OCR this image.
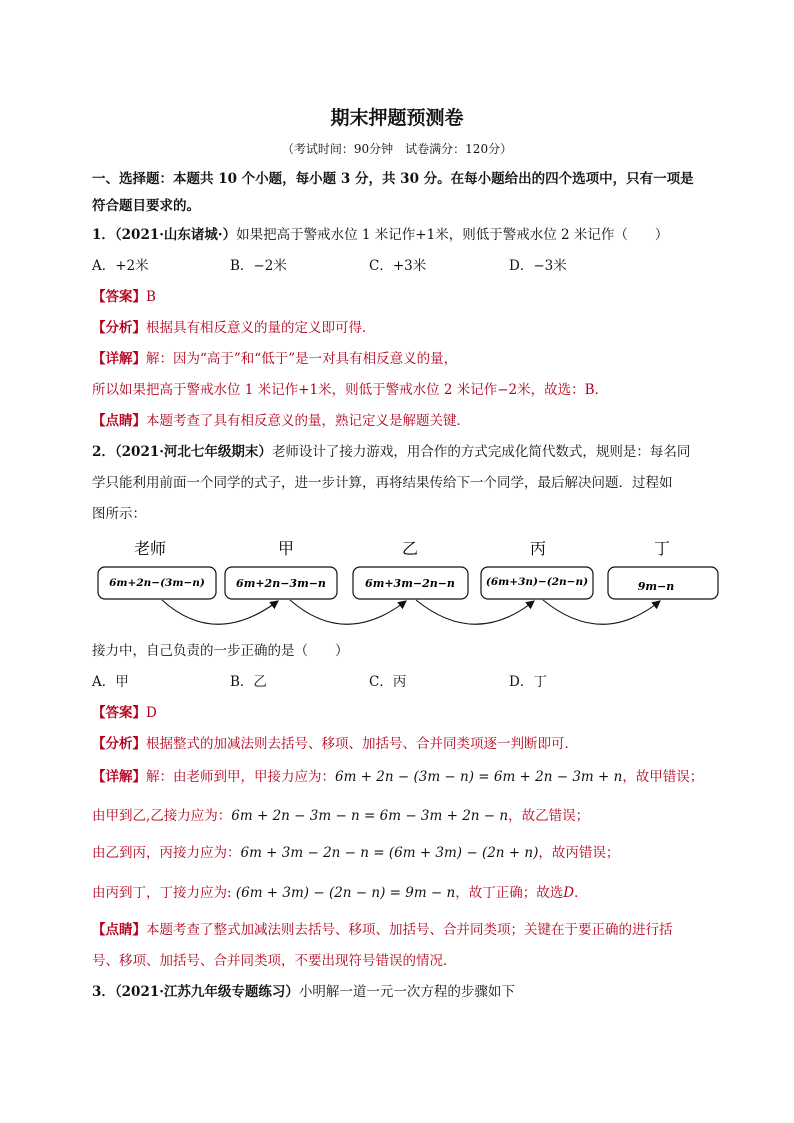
期末押题预测卷
（考试时间：90分钟　试卷满分：120分）
一、选择题：本题共 10 个小题，每小题 3 分，共 30 分。在每小题给出的四个选项中，只有一项是
符合题目要求的。
1．（2021·山东诸城·）如果把高于警戒水位 1 米记作+1米，则低于警戒水位 2 米记作（　　）
A．+2米	B．−2米	C．+3米	D．−3米
【答案】B
【分析】根据具有相反意义的量的定义即可得．
【详解】解：因为“高于”和“低于”是一对具有相反意义的量，
所以如果把高于警戒水位 1 米记作+1米，则低于警戒水位 2 米记作−2米，故选：B．
【点睛】本题考查了具有相反意义的量，熟记定义是解题关键．
2．（2021·河北七年级期末）老师设计了接力游戏，用合作的方式完成化简代数式，规则是：每名同
学只能利用前面一个同学的式子，进一步计算，再将结果传给下一个同学，最后解决问题．过程如
图所示：
老师	甲	乙	丙	丁
6m+2n−(3m−n)	6m+2n−3m−n	6m+3m−2n−n	(6m+3n)−(2n−n)	9m−n
接力中，自己负责的一步正确的是（　　）
A．甲	B．乙	C．丙	D．丁
【答案】D
【分析】根据整式的加减法则去括号、移项、加括号、合并同类项逐一判断即可．
【详解】解：由老师到甲，甲接力应为：6m + 2n − (3m − n) = 6m + 2n − 3m + n，故甲错误；
由甲到乙,乙接力应为：6m + 2n − 3m − n = 6m − 3m + 2n − n，故乙错误；
由乙到丙，丙接力应为：6m + 3m − 2n − n = (6m + 3m) − (2n + n)，故丙错误；
由丙到丁，丁接力应为: (6m + 3m) − (2n − n) = 9m − n，故丁正确；故选D．
【点睛】本题考查了整式加减法则去括号、移项、加括号、合并同类项；关键在于要正确的进行括
号、移项、加括号、合并同类项，不要出现符号错误的情况．
3．（2021·江苏九年级专题练习）小明解一道一元一次方程的步骤如下
